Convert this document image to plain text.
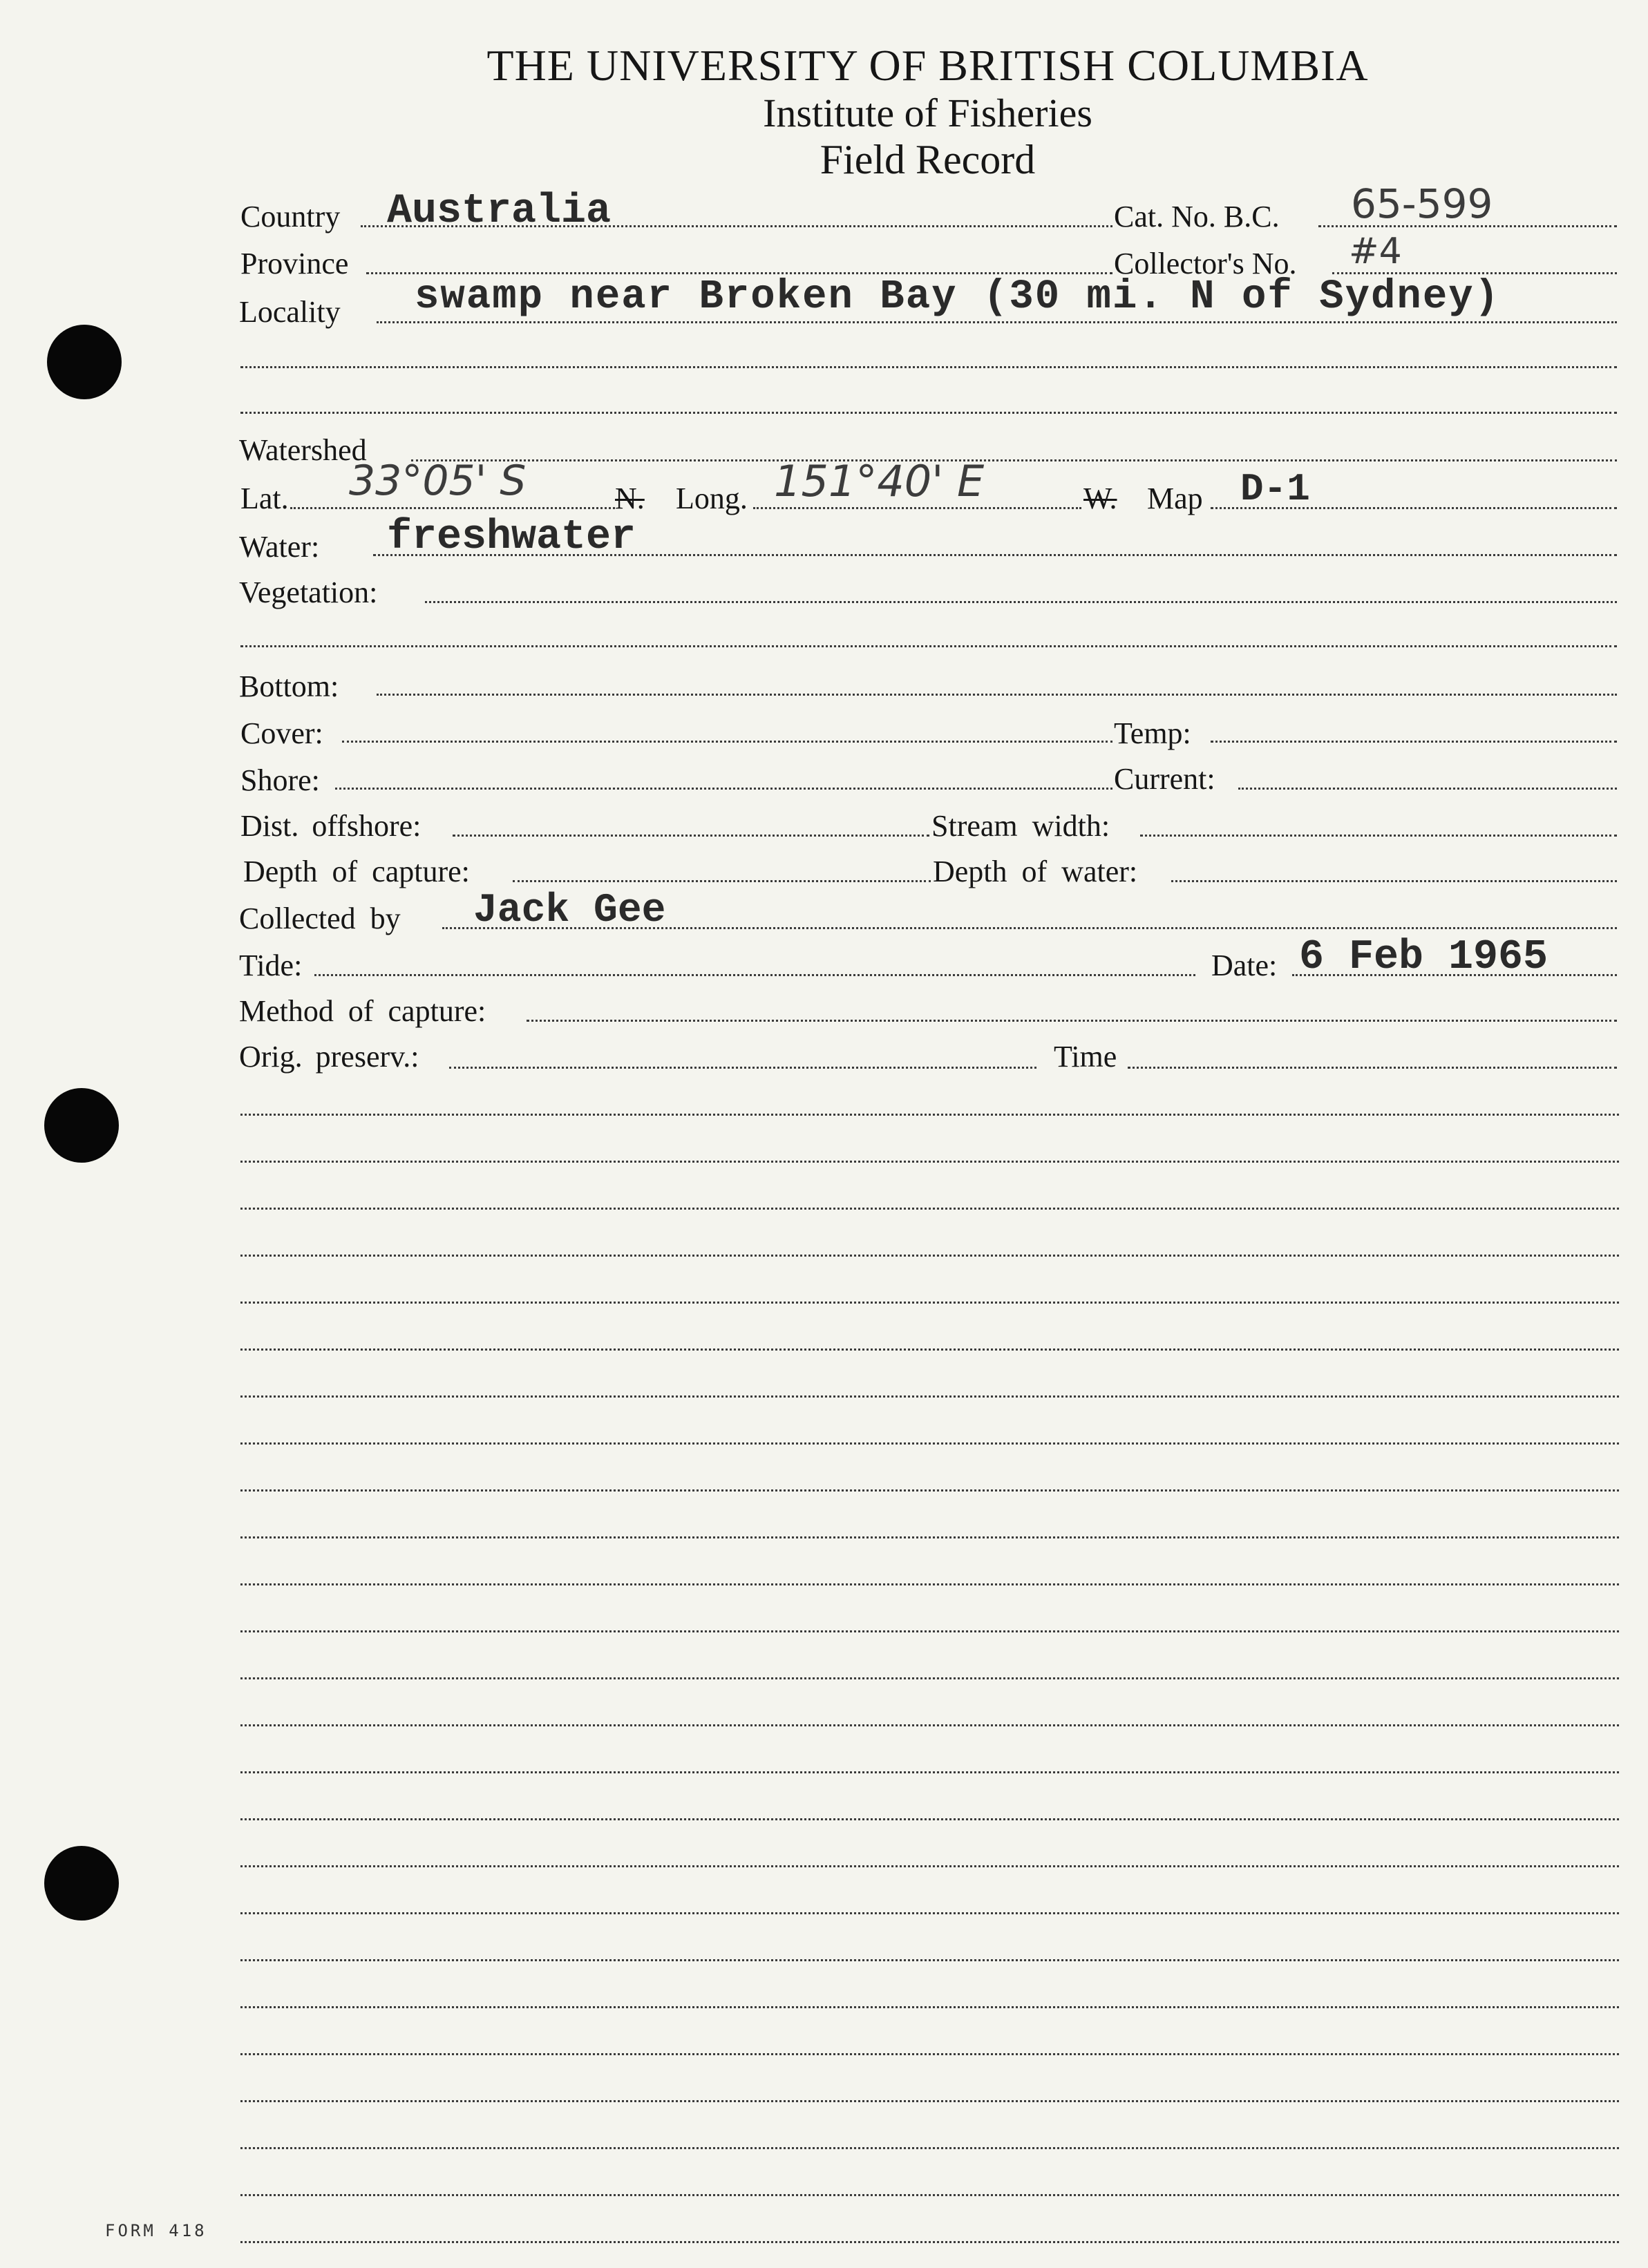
THE UNIVERSITY OF BRITISH COLUMBIA
Institute of Fisheries
Field Record
Country Australia	Cat. No. B.C. 65-599
Province	Collector's No. #4
Locality swamp near Broken Bay (30 mi. N of Sydney)
Watershed
Lat. 33°05' S	N. Long. 151°40' E	W. Map D-1
Water: freshwater
Vegetation:
Bottom:
Cover:	Temp:
Shore:	Current:
Dist. offshore:	Stream width:
Depth of capture:	Depth of water:
Collected by Jack Gee
Tide:	Date: 6 Feb 1965
Method of capture:
Orig. preserv.:	Time
FORM 418
